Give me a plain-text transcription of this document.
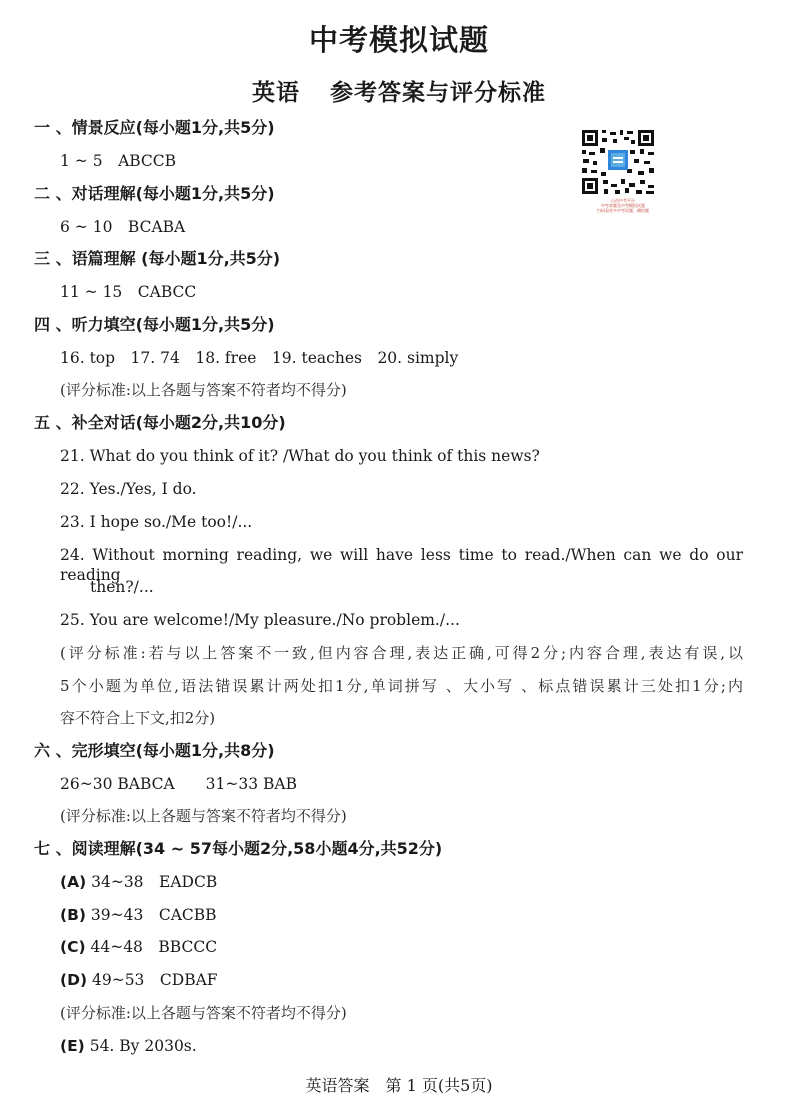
中考模拟试题
英语 参考答案与评分标准
山西中考平台
中考真题及中考模拟试题
扫码看更多中考试题，模拟题
一 、情景反应(每小题1分,共5分)
1 ~ 5　ABCCB
二 、对话理解(每小题1分,共5分)
6 ~ 10　BCABA
三 、语篇理解 (每小题1分,共5分)
11 ~ 15　CABCC
四 、听力填空(每小题1分,共5分)
16. top　17. 74　18. free　19. teaches　20. simply
(评分标准:以上各题与答案不符者均不得分)
五 、补全对话(每小题2分,共10分)
21. What do you think of it? /What do you think of this news?
22. Yes./Yes, I do.
23. I hope so./Me too!/...
24. Without morning reading, we will have less time to read./When can we do our reading
then?/...
25. You are welcome!/My pleasure./No problem./...
(评分标准:若与以上答案不一致,但内容合理,表达正确,可得2分;内容合理,表达有误,以
5个小题为单位,语法错误累计两处扣1分,单词拼写 、大小写 、标点错误累计三处扣1分;内
容不符合上下文,扣2分)
六 、完形填空(每小题1分,共8分)
26~30 BABCA　　31~33 BAB
(评分标准:以上各题与答案不符者均不得分)
七 、阅读理解(34 ~ 57每小题2分,58小题4分,共52分)
(A) 34~38　EADCB
(B) 39~43　CACBB
(C) 44~48　BBCCC
(D) 49~53　CDBAF
(评分标准:以上各题与答案不符者均不得分)
(E) 54. By 2030s.
英语答案　第 1 页(共5页)
